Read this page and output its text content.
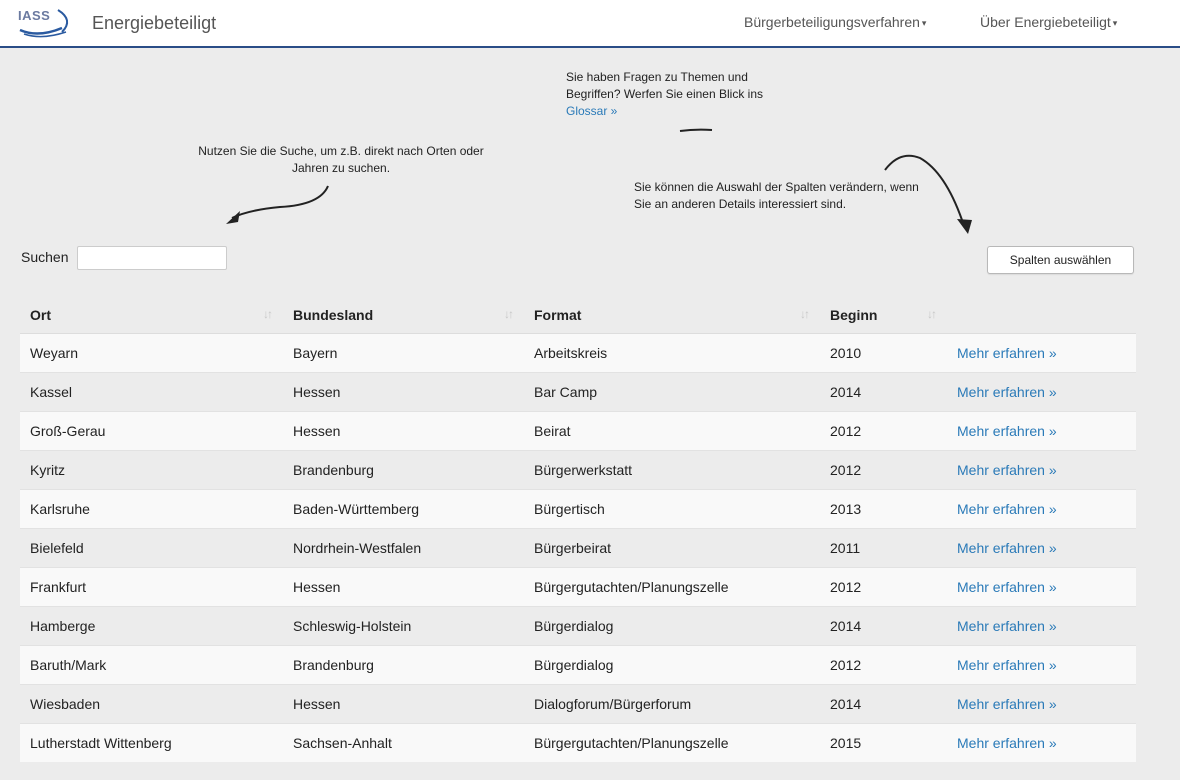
IASS Energiebeteiligt	Bürgerbeteiligungsverfahren ▾	Über Energiebeteiligt ▾
Sie haben Fragen zu Themen und Begriffen? Werfen Sie einen Blick ins Glossar »
Nutzen Sie die Suche, um z.B. direkt nach Orten oder Jahren zu suchen.
Sie können die Auswahl der Spalten verändern, wenn Sie an anderen Details interessiert sind.
Suchen	Spalten auswählen
Ort ↓↑	Bundesland ↓↑	Format ↓↑	Beginn ↓↑	

Weyarn	Bayern	Arbeitskreis	2010	Mehr erfahren »
Kassel	Hessen	Bar Camp	2014	Mehr erfahren »
Groß-Gerau	Hessen	Beirat	2012	Mehr erfahren »
Kyritz	Brandenburg	Bürgerwerkstatt	2012	Mehr erfahren »
Karlsruhe	Baden-Württemberg	Bürgertisch	2013	Mehr erfahren »
Bielefeld	Nordrhein-Westfalen	Bürgerbeirat	2011	Mehr erfahren »
Frankfurt	Hessen	Bürgergutachten/Planungszelle	2012	Mehr erfahren »
Hamberge	Schleswig-Holstein	Bürgerdialog	2014	Mehr erfahren »
Baruth/Mark	Brandenburg	Bürgerdialog	2012	Mehr erfahren »
Wiesbaden	Hessen	Dialogforum/Bürgerforum	2014	Mehr erfahren »
Lutherstadt Wittenberg	Sachsen-Anhalt	Bürgergutachten/Planungszelle	2015	Mehr erfahren »
